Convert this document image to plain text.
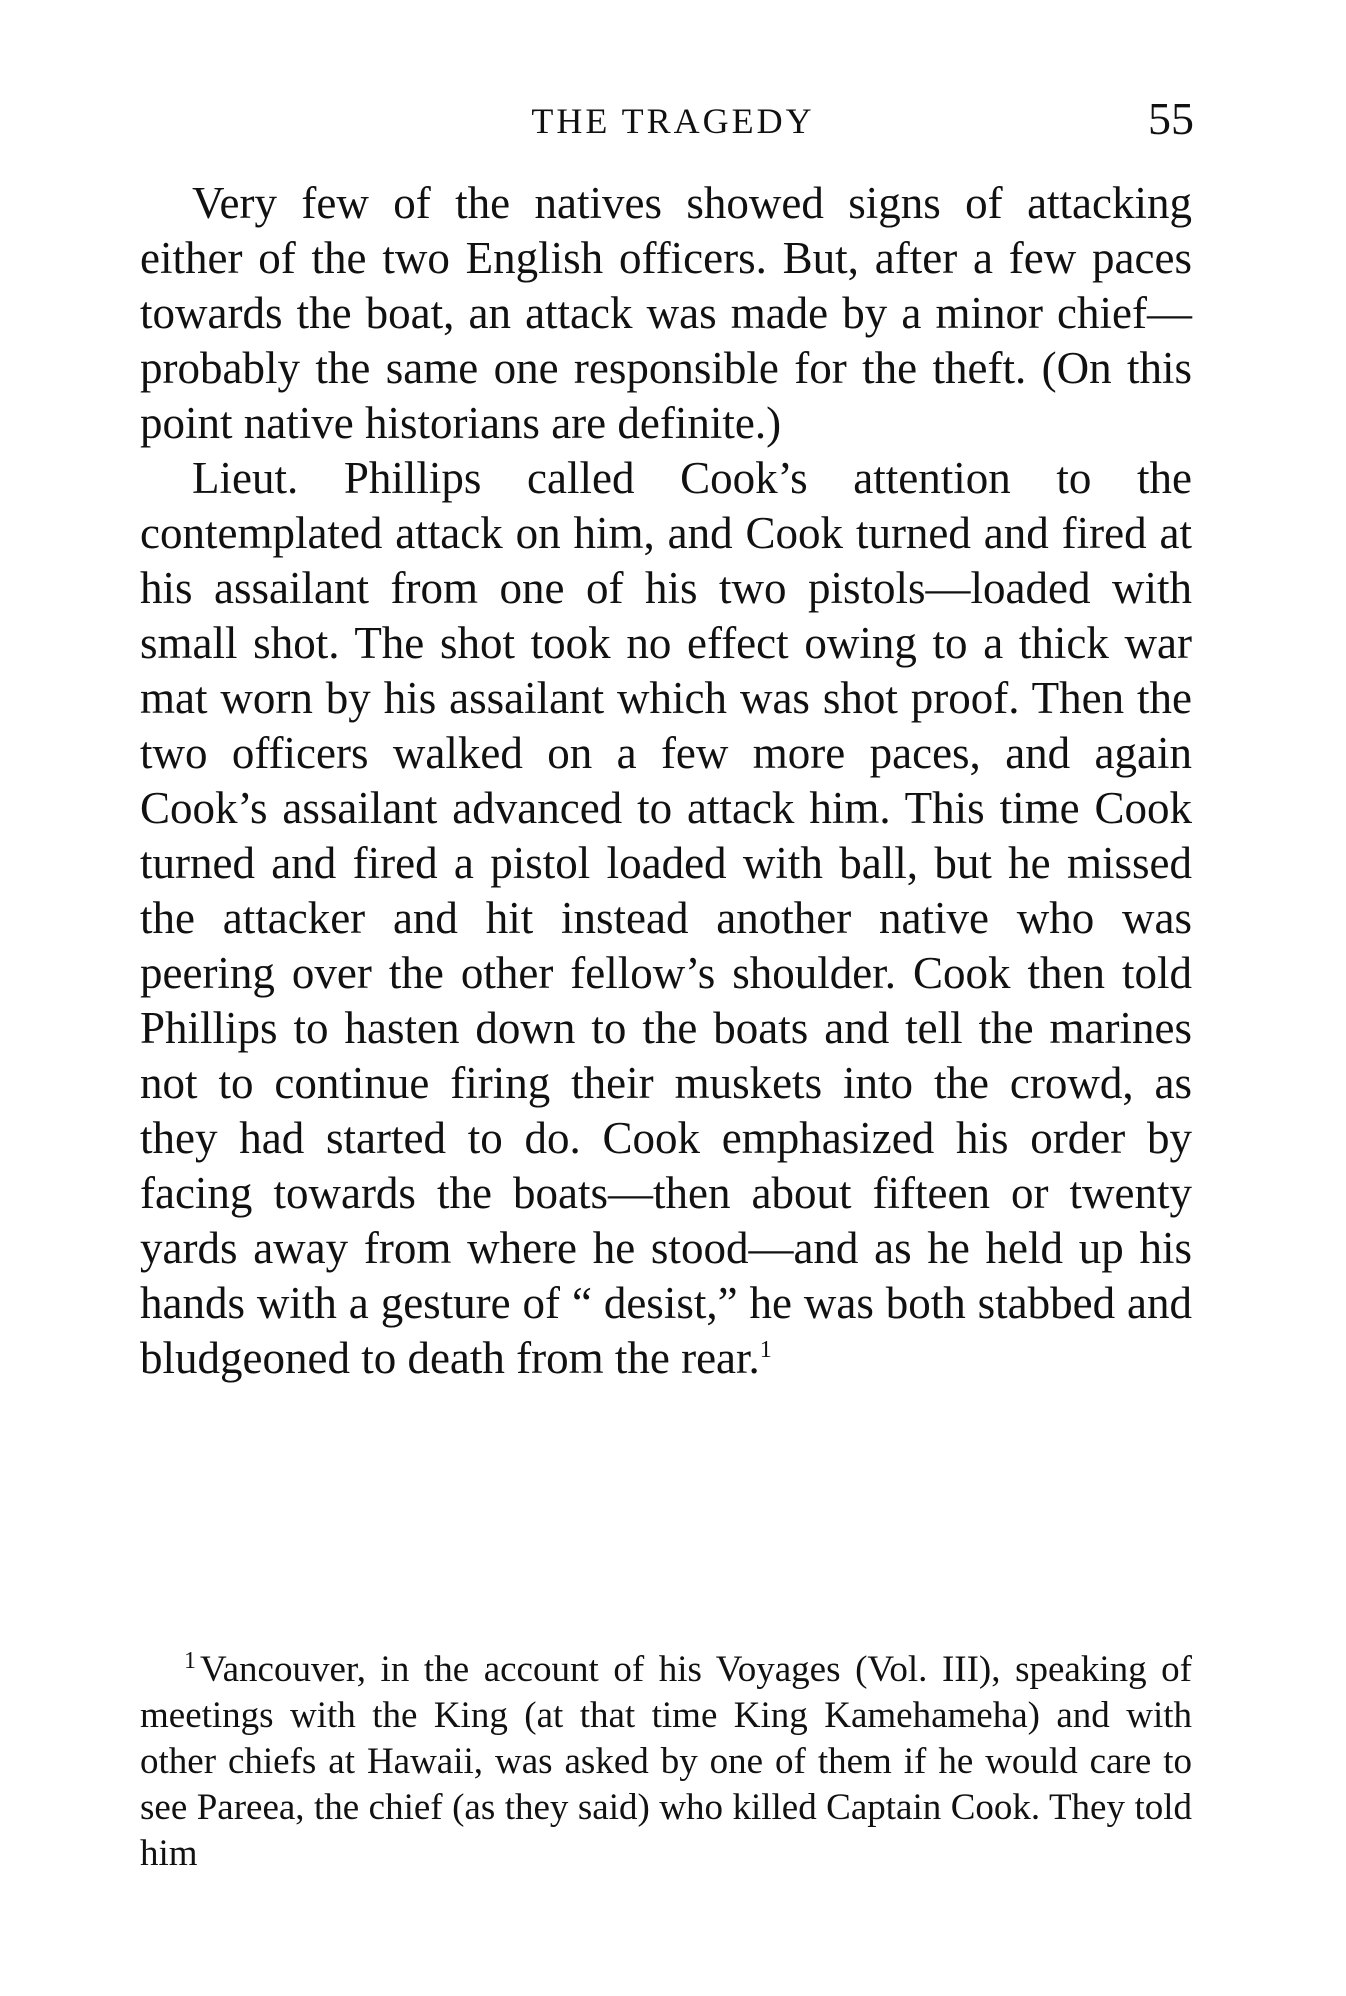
THE TRAGEDY	55

Very few of the natives showed signs of attacking either of the two English officers. But, after a few paces towards the boat, an attack was made by a minor chief—probably the same one responsible for the theft. (On this point native historians are definite.)

Lieut. Phillips called Cook’s attention to the contemplated attack on him, and Cook turned and fired at his assailant from one of his two pistols—loaded with small shot. The shot took no effect owing to a thick war mat worn by his assailant which was shot proof. Then the two officers walked on a few more paces, and again Cook’s assailant advanced to attack him. This time Cook turned and fired a pistol loaded with ball, but he missed the attacker and hit instead another native who was peering over the other fellow’s shoulder. Cook then told Phillips to hasten down to the boats and tell the marines not to continue firing their muskets into the crowd, as they had started to do. Cook emphasized his order by facing towards the boats—then about fifteen or twenty yards away from where he stood—and as he held up his hands with a gesture of “ desist,” he was both stabbed and bludgeoned to death from the rear.$^1$

$^1$ Vancouver, in the account of his Voyages (Vol. III), speaking of meetings with the King (at that time King Kamehameha) and with other chiefs at Hawaii, was asked by one of them if he would care to see Pareea, the chief (as they said) who killed Captain Cook. They told him
